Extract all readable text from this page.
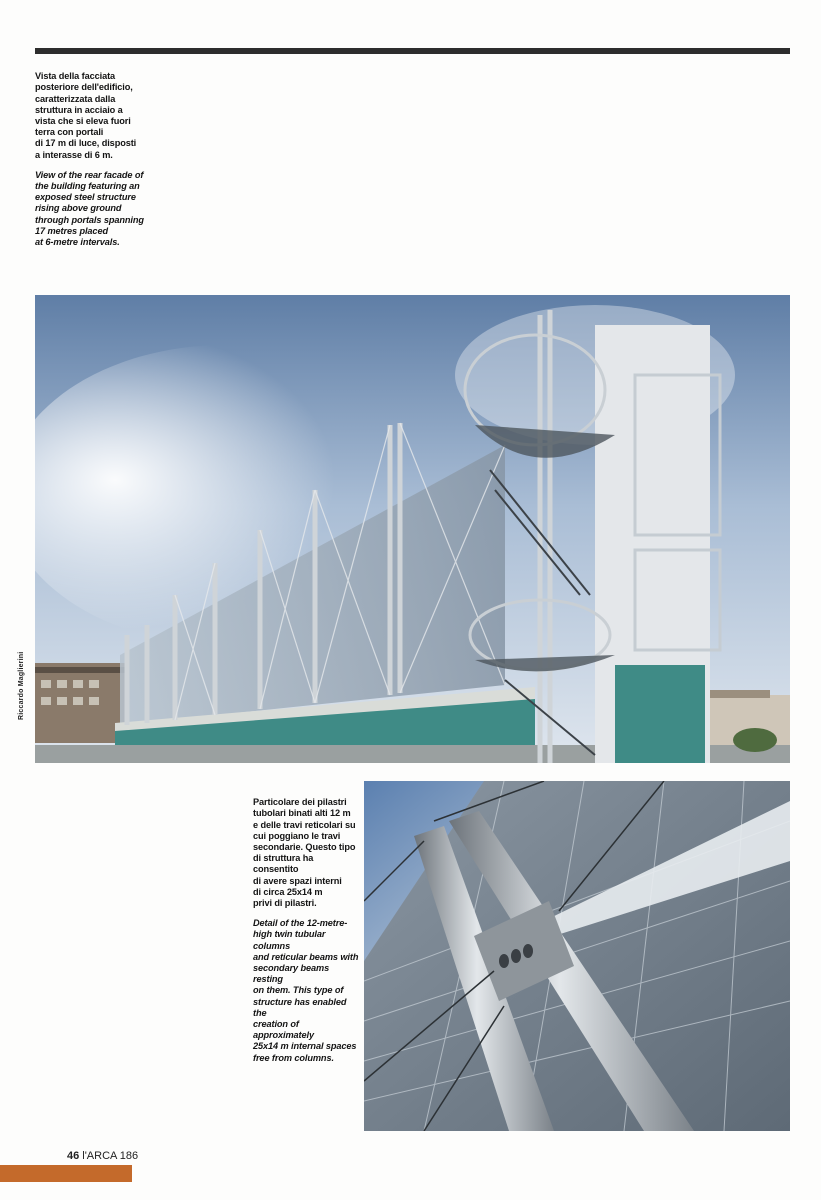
Vista della facciata
posteriore dell'edificio,
caratterizzata dalla
struttura in acciaio a
vista che si eleva fuori
terra con portali
di 17 m di luce, disposti
a interasse di 6 m.

View of the rear facade of
the building featuring an
exposed steel structure
rising above ground
through portals spanning
17 metres placed
at 6-metre intervals.

Riccardo Maglierini

Particolare dei pilastri
tubolari binati alti 12 m
e delle travi reticolari su
cui poggiano le travi
secondarie. Questo tipo
di struttura ha consentito
di avere spazi interni
di circa 25x14 m
privi di pilastri.

Detail of the 12-metre-
high twin tubular columns
and reticular beams with
secondary beams resting
on them. This type of
structure has enabled the
creation of approximately
25x14 m internal spaces
free from columns.

46 l'ARCA 186
